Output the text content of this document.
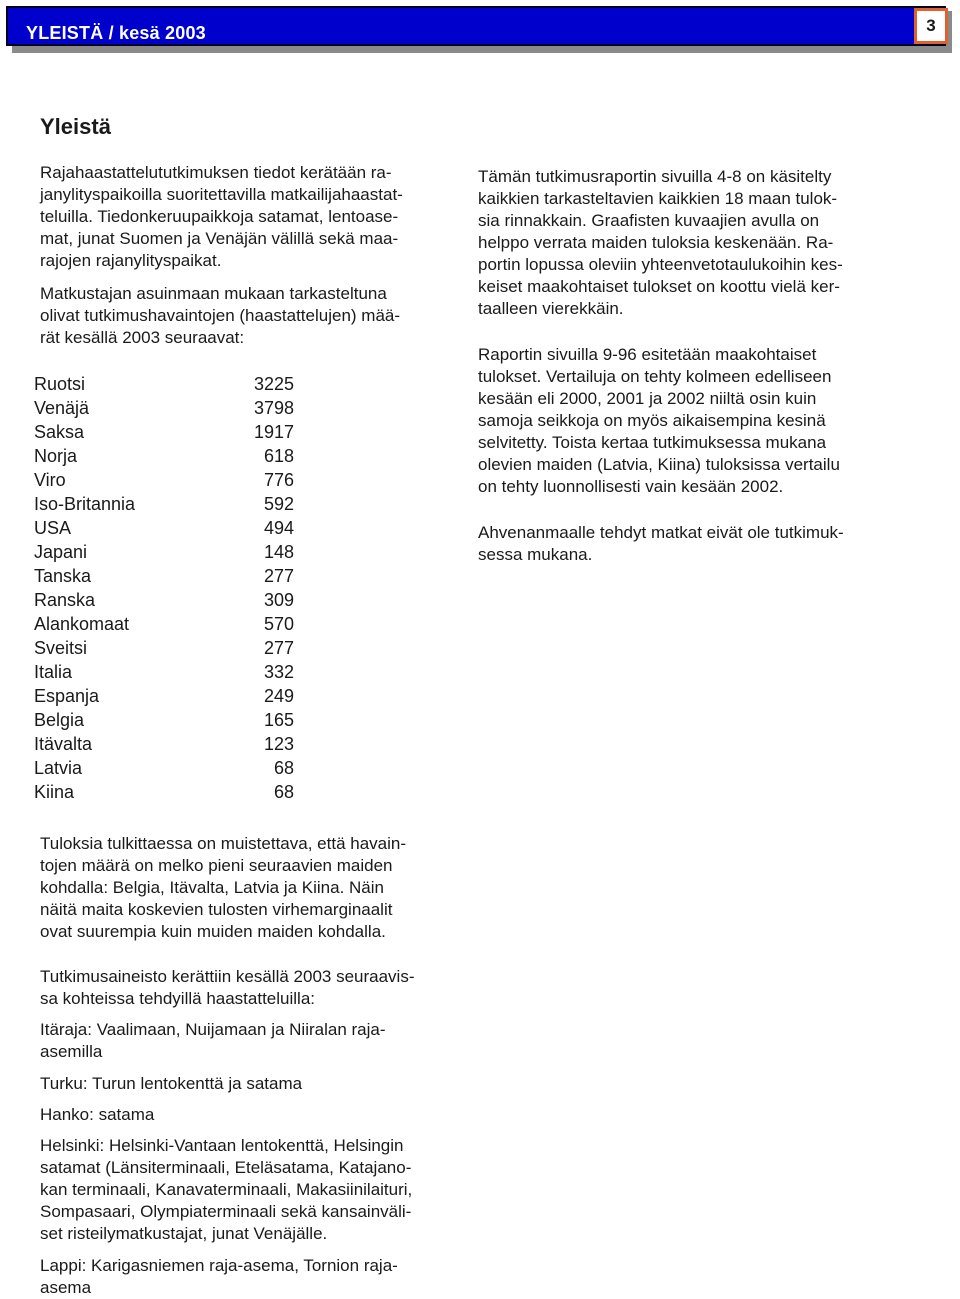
YLEISTÄ / kesä 2003	3
Yleistä

Rajahaastattelututkimuksen tiedot kerätään ra-
janylityspaikoilla suoritettavilla matkailijahaastat-
teluilla. Tiedonkeruupaikkoja satamat, lentoase-
mat, junat Suomen ja Venäjän välillä sekä maa-
rajojen rajanylityspaikat.

Matkustajan asuinmaan mukaan tarkasteltuna
olivat tutkimushavaintojen (haastattelujen) mää-
rät kesällä 2003 seuraavat:

Ruotsi	3225
Venäjä	3798
Saksa	1917
Norja	618
Viro	776
Iso-Britannia	592
USA	494
Japani	148
Tanska	277
Ranska	309
Alankomaat	570
Sveitsi	277
Italia	332
Espanja	249
Belgia	165
Itävalta	123
Latvia	68
Kiina	68

Tuloksia tulkittaessa on muistettava, että havain-
tojen määrä on melko pieni seuraavien maiden
kohdalla: Belgia, Itävalta, Latvia ja Kiina. Näin
näitä maita koskevien tulosten virhemarginaalit
ovat suurempia kuin muiden maiden kohdalla.

Tutkimusaineisto kerättiin kesällä 2003 seuraavis-
sa kohteissa tehdyillä haastatteluilla:

Itäraja: Vaalimaan, Nuijamaan ja Niiralan raja-
asemilla

Turku: Turun lentokenttä ja satama

Hanko: satama

Helsinki: Helsinki-Vantaan lentokenttä, Helsingin
satamat (Länsiterminaali, Eteläsatama, Katajano-
kan terminaali, Kanavaterminaali, Makasiinilaituri,
Sompasaari, Olympiaterminaali sekä kansainväli-
set risteilymatkustajat, junat Venäjälle.

Lappi: Karigasniemen raja-asema, Tornion raja-
asema

Tämän tutkimusraportin sivuilla 4-8 on käsitelty
kaikkien tarkasteltavien kaikkien 18 maan tulok-
sia rinnakkain. Graafisten kuvaajien avulla on
helppo verrata maiden tuloksia keskenään. Ra-
portin lopussa oleviin yhteenvetotaulukoihin kes-
keiset maakohtaiset tulokset on koottu vielä ker-
taalleen vierekkäin.

Raportin sivuilla 9-96 esitetään maakohtaiset
tulokset. Vertailuja on tehty kolmeen edelliseen
kesään eli 2000, 2001 ja 2002 niiltä osin kuin
samoja seikkoja on myös aikaisempina kesinä
selvitetty. Toista kertaa tutkimuksessa mukana
olevien maiden (Latvia, Kiina) tuloksissa vertailu
on tehty luonnollisesti vain kesään 2002.

Ahvenanmaalle tehdyt matkat eivät ole tutkimuk-
sessa mukana.
